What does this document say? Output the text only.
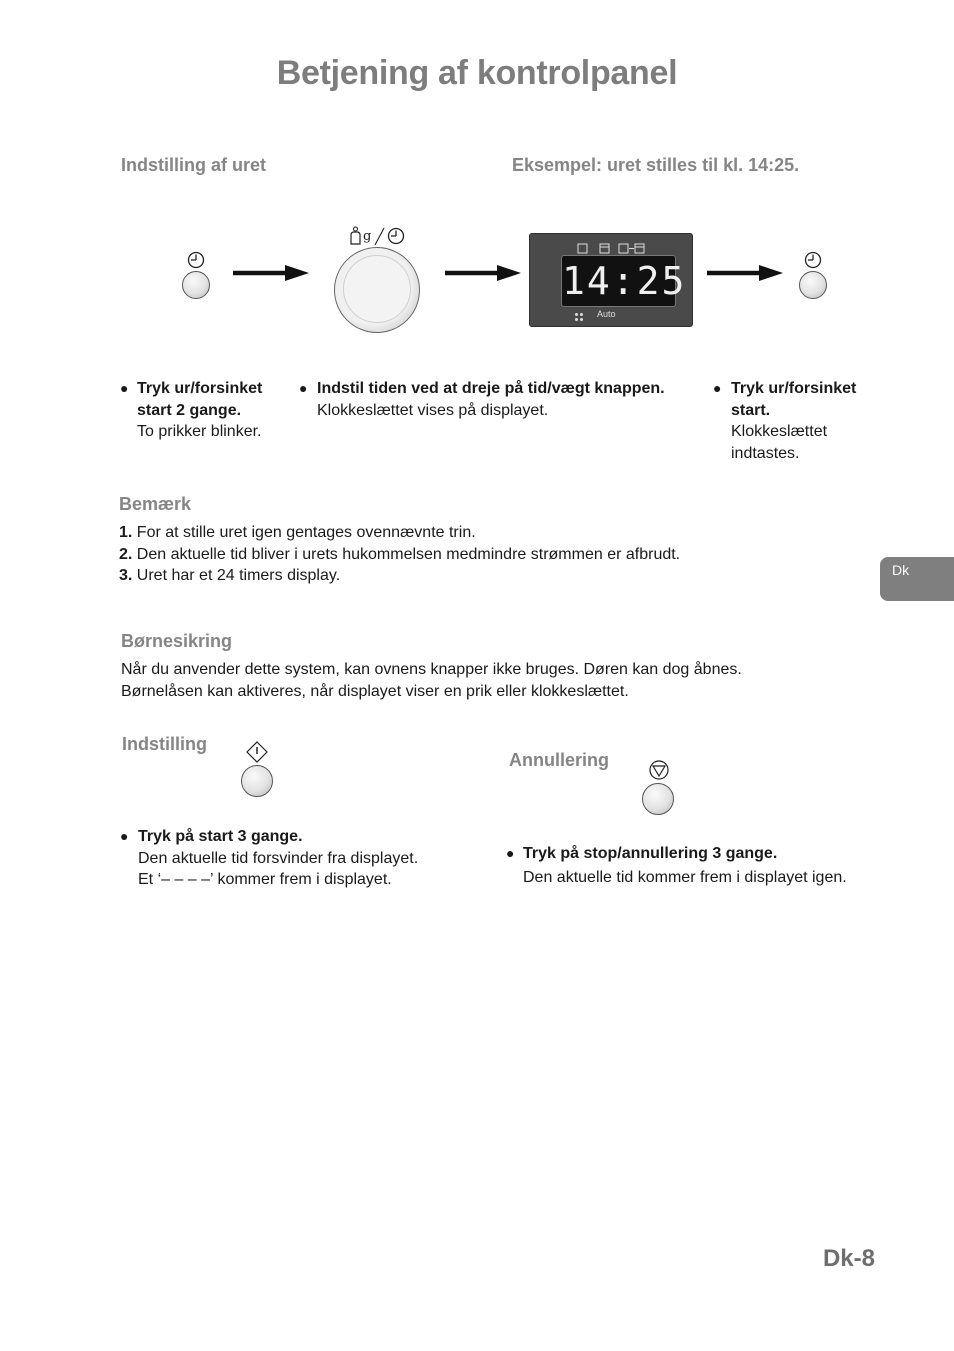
Betjening af kontrolpanel
Indstilling af uret	Eksempel: uret stilles til kl. 14:25.
g
14:25
Auto
● Tryk ur/forsinket start 2 gange.
To prikker blinker.
● Indstil tiden ved at dreje på tid/vægt knappen.
Klokkeslættet vises på displayet.
● Tryk ur/forsinket start.
Klokkeslættet indtastes.
Bemærk
1. For at stille uret igen gentages ovennævnte trin.
2. Den aktuelle tid bliver i urets hukommelsen medmindre strømmen er afbrudt.
3. Uret har et 24 timers display.	Dk
Børnesikring
Når du anvender dette system, kan ovnens knapper ikke bruges. Døren kan dog åbnes.
Børnelåsen kan aktiveres, når displayet viser en prik eller klokkeslættet.
Indstilling
● Tryk på start 3 gange.
Den aktuelle tid forsvinder fra displayet.
Et ‘– – – –’ kommer frem i displayet.
Annullering
● Tryk på stop/annullering 3 gange.
Den aktuelle tid kommer frem i displayet igen.
Dk-8
